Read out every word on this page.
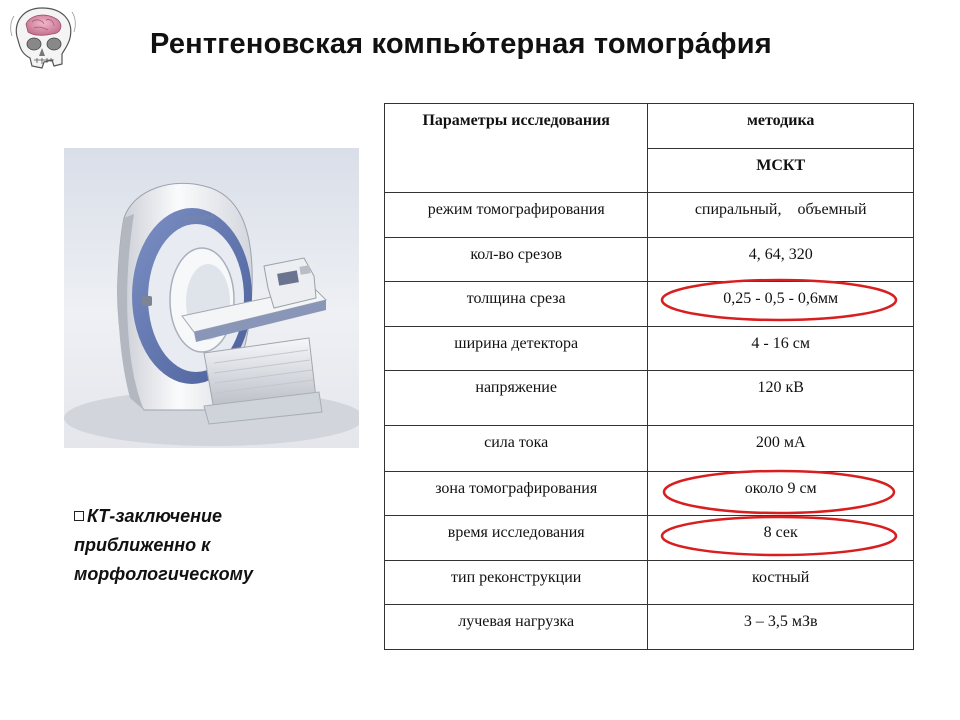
Рентгеновская компью́терная томогра́фия
TOSHIBA
КТ-заключение приближенно к морфологическому
Параметры исследования	методика
	МСКТ
режим томографирования	спиральный,    объемный
кол-во срезов	4, 64, 320
толщина среза	0,25 - 0,5 - 0,6мм
ширина детектора	4 - 16 см
напряжение	120 кВ
сила тока	200 мА
зона томографирования	около 9 см
время исследования	8 сек
тип реконструкции	костный
лучевая нагрузка	3 – 3,5 мЗв
